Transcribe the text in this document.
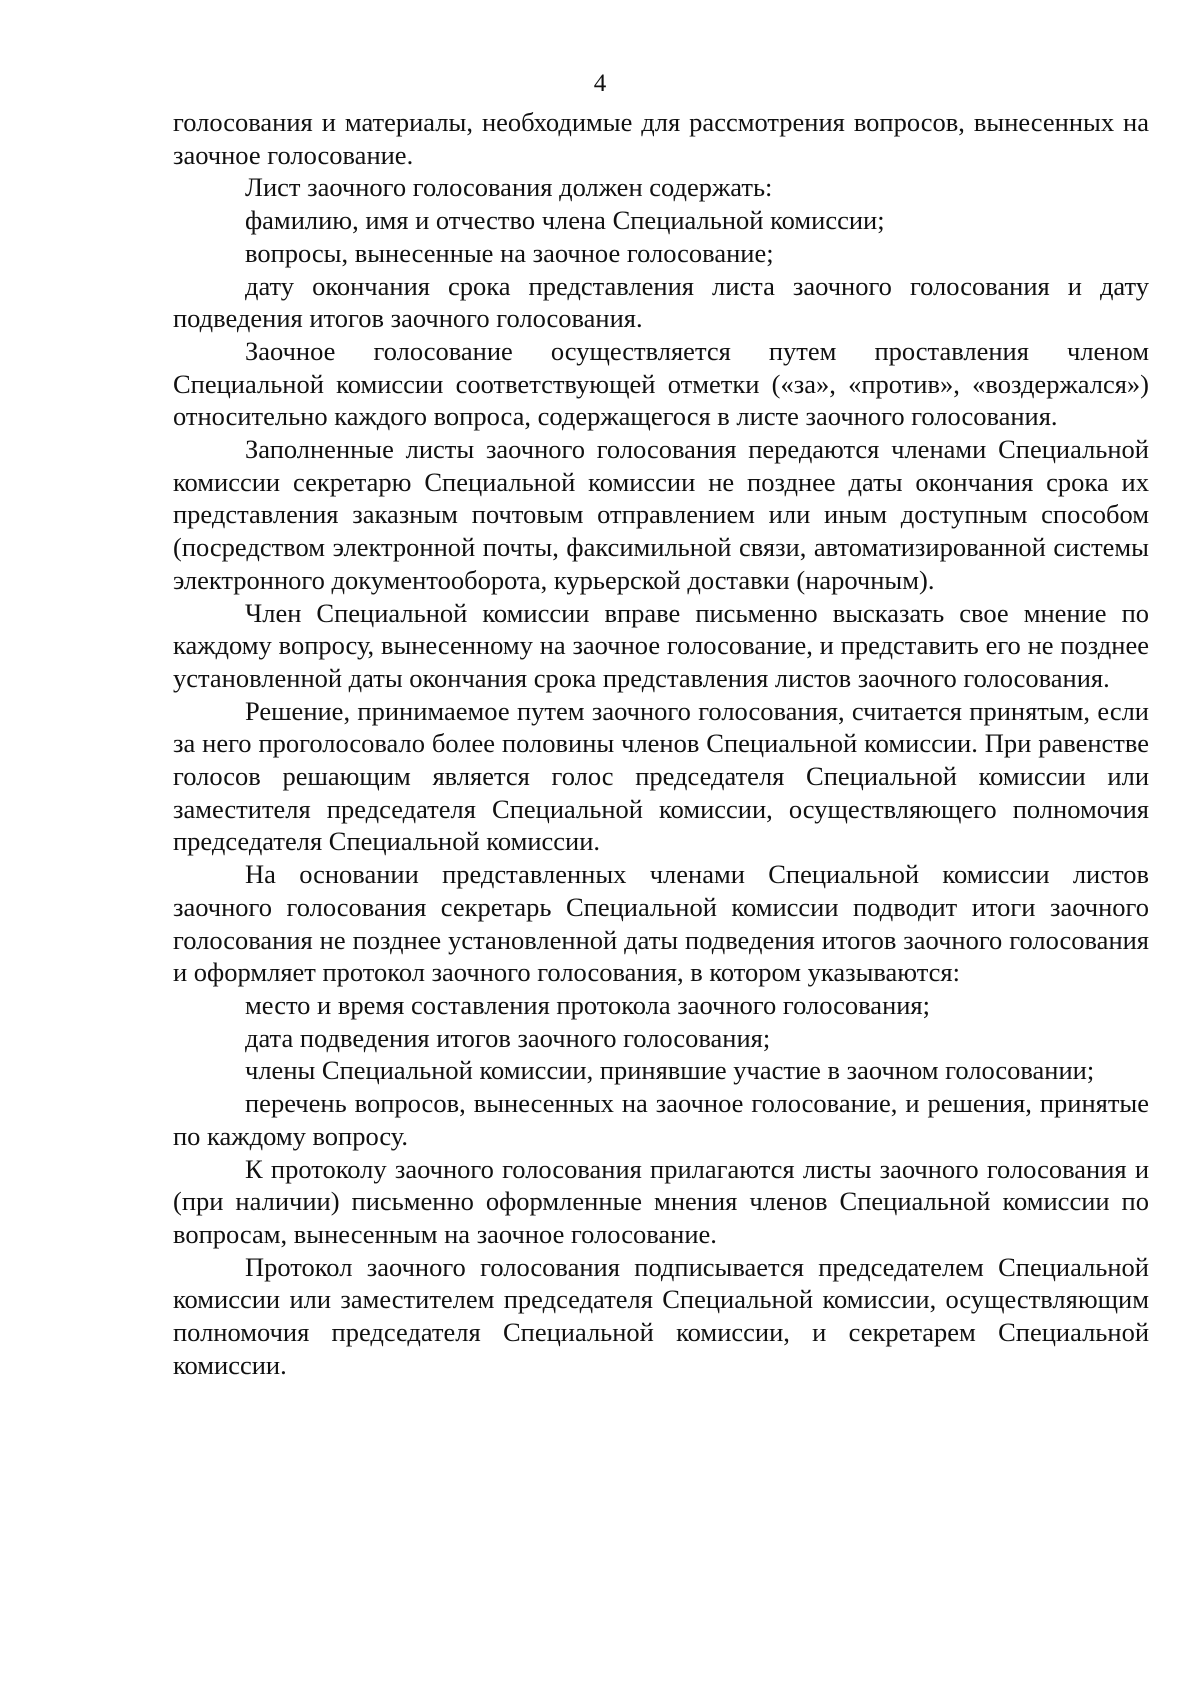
4

голосования и материалы, необходимые для рассмотрения вопросов, вынесенных на заочное голосование.

Лист заочного голосования должен содержать:

фамилию, имя и отчество члена Специальной комиссии;

вопросы, вынесенные на заочное голосование;

дату окончания срока представления листа заочного голосования и дату подведения итогов заочного голосования.

Заочное голосование осуществляется путем проставления членом Специальной комиссии соответствующей отметки («за», «против», «воздержался») относительно каждого вопроса, содержащегося в листе заочного голосования.

Заполненные листы заочного голосования передаются членами Специальной комиссии секретарю Специальной комиссии не позднее даты окончания срока их представления заказным почтовым отправлением или иным доступным способом (посредством электронной почты, факсимильной связи, автоматизированной системы электронного документооборота, курьерской доставки (нарочным).

Член Специальной комиссии вправе письменно высказать свое мнение по каждому вопросу, вынесенному на заочное голосование, и представить его не позднее установленной даты окончания срока представления листов заочного голосования.

Решение, принимаемое путем заочного голосования, считается принятым, если за него проголосовало более половины членов Специальной комиссии. При равенстве голосов решающим является голос председателя Специальной комиссии или заместителя председателя Специальной комиссии, осуществляющего полномочия председателя Специальной комиссии.

На основании представленных членами Специальной комиссии листов заочного голосования секретарь Специальной комиссии подводит итоги заочного голосования не позднее установленной даты подведения итогов заочного голосования и оформляет протокол заочного голосования, в котором указываются:

место и время составления протокола заочного голосования;

дата подведения итогов заочного голосования;

члены Специальной комиссии, принявшие участие в заочном голосовании;

перечень вопросов, вынесенных на заочное голосование, и решения, принятые по каждому вопросу.

К протоколу заочного голосования прилагаются листы заочного голосования и (при наличии) письменно оформленные мнения членов Специальной комиссии по вопросам, вынесенным на заочное голосование.

Протокол заочного голосования подписывается председателем Специальной комиссии или заместителем председателя Специальной комиссии, осуществляющим полномочия председателя Специальной комиссии, и секретарем Специальной комиссии.
